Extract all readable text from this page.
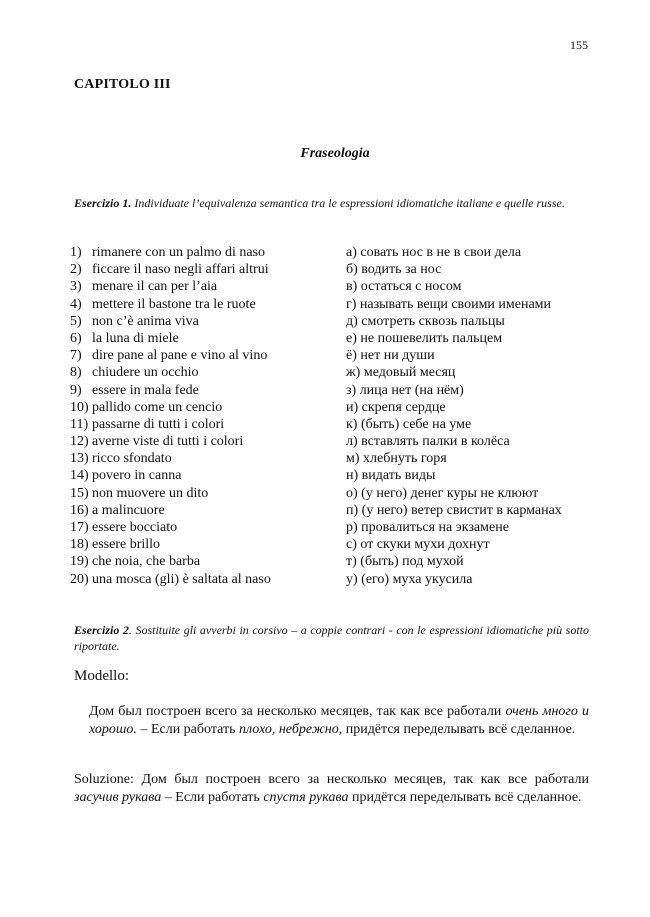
155
CAPITOLO III
Fraseologia
Esercizio 1. Individuate l’equivalenza semantica tra le espressioni idiomatiche italiane e quelle russe.
1) rimanere con un palmo di naso
2) ficcare il naso negli affari altrui
3) menare il can per l’aia
4) mettere il bastone tra le ruote
5) non c’è anima viva
6) la luna di miele
7) dire pane al pane e vino al vino
8) chiudere un occhio
9) essere in mala fede
10) pallido come un cencio
11) passarne di tutti i colori
12) averne viste di tutti i colori
13) ricco sfondato
14) povero in canna
15) non muovere un dito
16) a malincuore
17) essere bocciato
18) essere brillo
19) che noia, che barba
20) una mosca (gli) è saltata al naso
а) совать нос в не в свои дела
б) водить за нос
в) остаться с носом
г) называть вещи своими именами
д) смотреть сквозь пальцы
е) не пошевелить пальцем
ё) нет ни души
ж) медовый месяц
з) лица нет (на нём)
и) скрепя сердце
к) (быть) себе на уме
л) вставлять палки в колёса
м) хлебнуть горя
н) видать виды
о) (у него) денег куры не клюют
п) (у него) ветер свистит в карманах
р) провалиться на экзамене
с) от скуки мухи дохнут
т) (быть) под мухой
у) (его) муха укусила
Esercizio 2. Sostituite gli avverbi in corsivo – a coppie contrari - con le espressioni idiomatiche più sotto riportate.
Modello:
Дом был построен всего за несколько месяцев, так как все работали очень много и хорошо. – Если работать плохо, небрежно, придётся переделывать всё сделанное.
Soluzione: Дом был построен всего за несколько месяцев, так как все работали засучив рукава – Если работать спустя рукава придётся переделывать всё сделанное.
